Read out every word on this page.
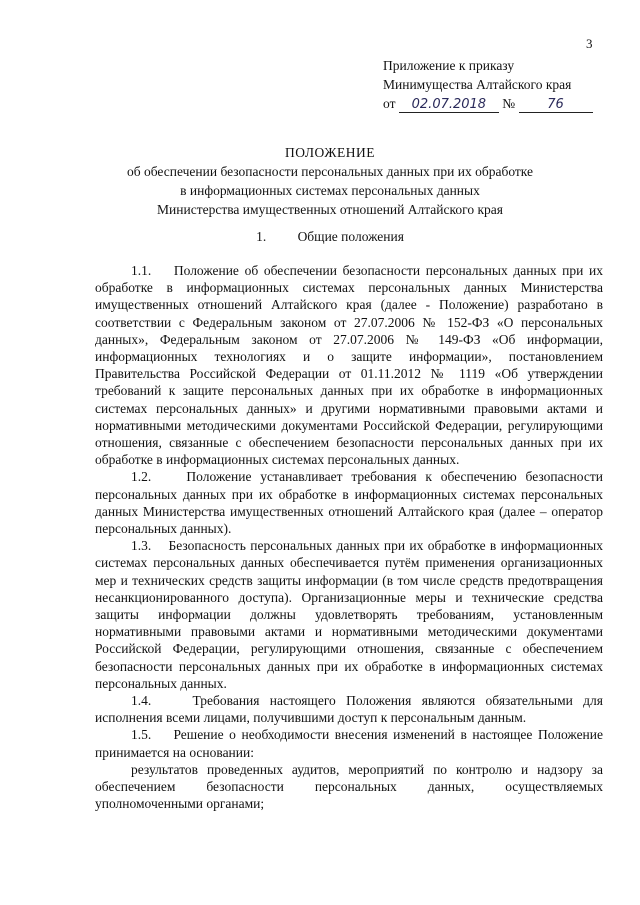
3
Приложение к приказу
Минимущества Алтайского края
от 02.07.2018 № 76
ПОЛОЖЕНИЕ
об обеспечении безопасности персональных данных при их обработке
в информационных системах персональных данных
Министерства имущественных отношений Алтайского края
1. Общие положения

1.1.    Положение об обеспечении безопасности персональных данных при их обработке в информационных системах персональных данных Министерства имущественных отношений Алтайского края (далее - Положение) разработано в соответствии с Федеральным законом от 27.07.2006 № 152-ФЗ «О персональных данных», Федеральным законом от 27.07.2006 № 149-ФЗ «Об информации, информационных технологиях и о защите информации», постановлением Правительства Российской Федерации от 01.11.2012 № 1119 «Об утверждении требований к защите персональных данных при их обработке в информационных системах персональных данных» и другими нормативными правовыми актами и нормативными методическими документами Российской Федерации, регулирующими отношения, связанные с обеспечением безопасности персональных данных при их обработке в информационных системах персональных данных.

1.2.    Положение устанавливает требования к обеспечению безопасности персональных данных при их обработке в информационных системах персональных данных Министерства имущественных отношений Алтайского края (далее – оператор персональных данных).

1.3.    Безопасность персональных данных при их обработке в информационных системах персональных данных обеспечивается путём применения организационных мер и технических средств защиты информации (в том числе средств предотвращения несанкционированного доступа). Организационные меры и технические средства защиты информации должны удовлетворять требованиям, установленным нормативными правовыми актами и нормативными методическими документами Российской Федерации, регулирующими отношения, связанные с обеспечением безопасности персональных данных при их обработке в информационных системах персональных данных.

1.4.    Требования настоящего Положения являются обязательными для исполнения всеми лицами, получившими доступ к персональным данным.

1.5.    Решение о необходимости внесения изменений в настоящее Положение принимается на основании:

результатов проведенных аудитов, мероприятий по контролю и надзору за обеспечением безопасности персональных данных, осуществляемых уполномоченными органами;
